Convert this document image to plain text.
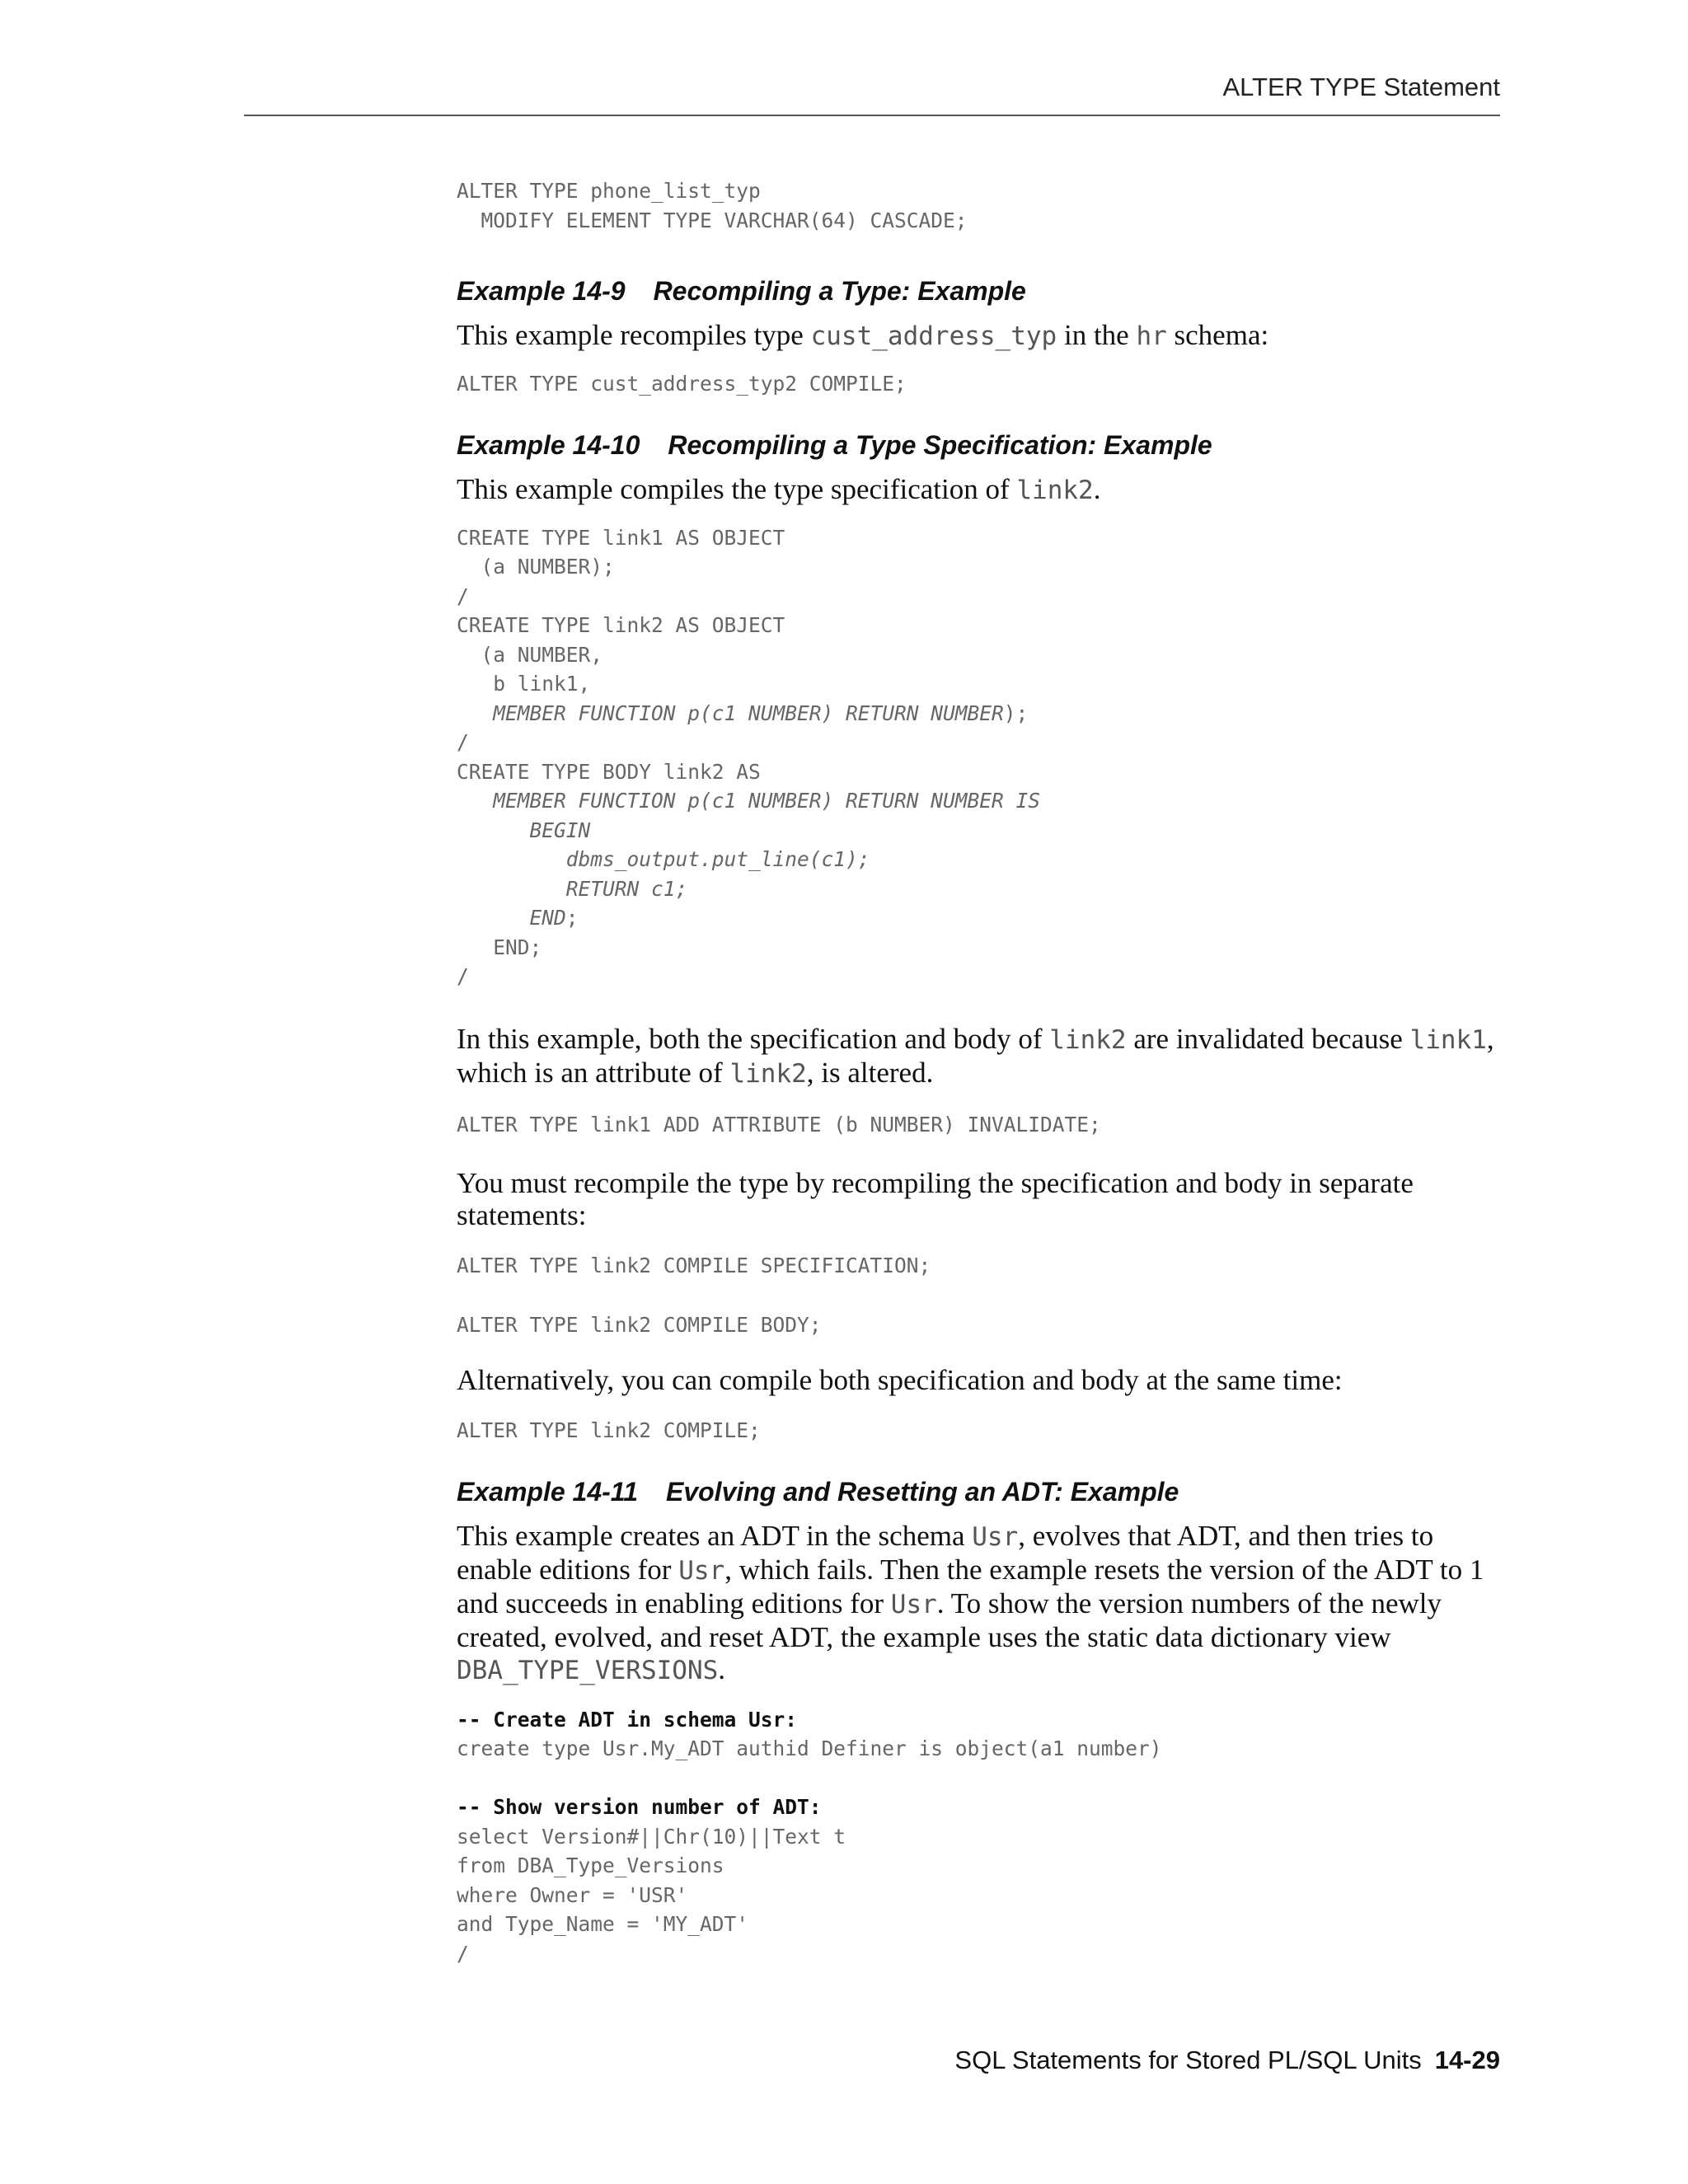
ALTER TYPE Statement
ALTER TYPE phone_list_typ
MODIFY ELEMENT TYPE VARCHAR(64) CASCADE;

Example 14-9 Recompiling a Type: Example

This example recompiles type cust_address_typ in the hr schema:

ALTER TYPE cust_address_typ2 COMPILE;

Example 14-10 Recompiling a Type Specification: Example

This example compiles the type specification of link2.

CREATE TYPE link1 AS OBJECT
(a NUMBER);
/
CREATE TYPE link2 AS OBJECT
(a NUMBER,
b link1,
MEMBER FUNCTION p(c1 NUMBER) RETURN NUMBER);
/
CREATE TYPE BODY link2 AS
MEMBER FUNCTION p(c1 NUMBER) RETURN NUMBER IS
BEGIN
dbms_output.put_line(c1);
RETURN c1;
END;
END;
/

In this example, both the specification and body of link2 are invalidated because link1, which is an attribute of link2, is altered.

ALTER TYPE link1 ADD ATTRIBUTE (b NUMBER) INVALIDATE;

You must recompile the type by recompiling the specification and body in separate statements:

ALTER TYPE link2 COMPILE SPECIFICATION;
ALTER TYPE link2 COMPILE BODY;

Alternatively, you can compile both specification and body at the same time:

ALTER TYPE link2 COMPILE;

Example 14-11 Evolving and Resetting an ADT: Example

This example creates an ADT in the schema Usr, evolves that ADT, and then tries to enable editions for Usr, which fails. Then the example resets the version of the ADT to 1 and succeeds in enabling editions for Usr. To show the version numbers of the newly created, evolved, and reset ADT, the example uses the static data dictionary view DBA_TYPE_VERSIONS.

-- Create ADT in schema Usr:
create type Usr.My_ADT authid Definer is object(a1 number)

-- Show version number of ADT:
select Version#||Chr(10)||Text t
from DBA_Type_Versions
where Owner = 'USR'
and Type_Name = 'MY_ADT'
/
SQL Statements for Stored PL/SQL Units 14-29
